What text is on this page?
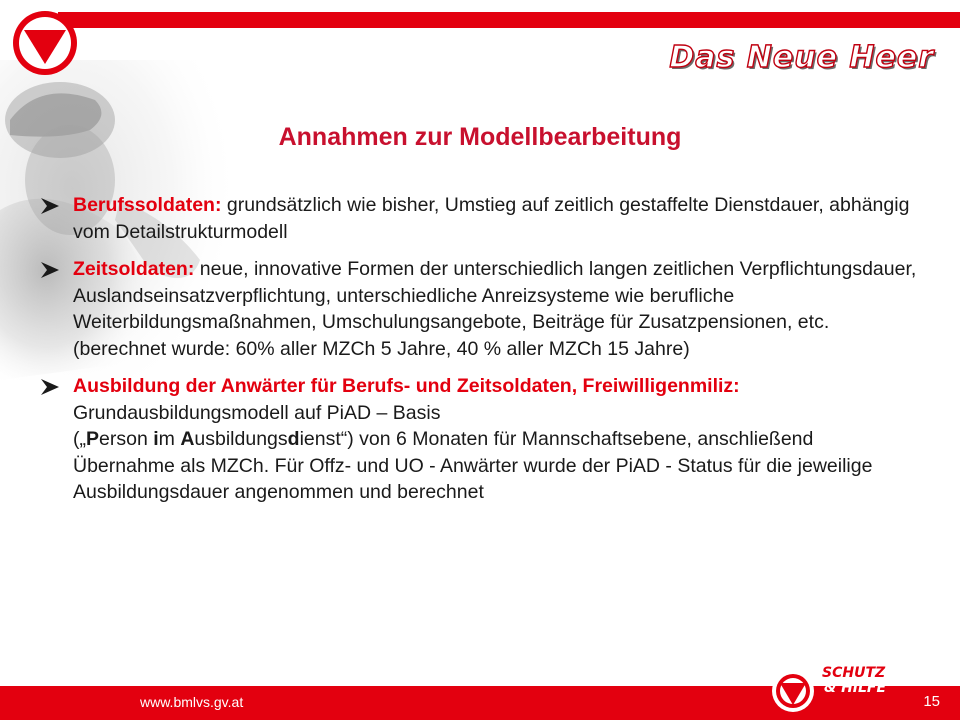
Das Neue Heer
Annahmen zur Modellbearbeitung
Berufssoldaten: grundsätzlich wie bisher, Umstieg auf zeitlich gestaffelte Dienstdauer, abhängig vom Detailstrukturmodell
Zeitsoldaten: neue, innovative Formen der unterschiedlich langen zeitlichen Verpflichtungsdauer, Auslandseinsatzverpflichtung, unterschiedliche Anreizsysteme wie berufliche Weiterbildungsmaßnahmen, Umschulungsangebote, Beiträge für Zusatzpensionen, etc. (berechnet wurde: 60% aller MZCh 5 Jahre, 40 % aller MZCh 15 Jahre)
Ausbildung der Anwärter für Berufs- und Zeitsoldaten, Freiwilligenmiliz:
Grundausbildungsmodell auf PiAD – Basis
(„Person im Ausbildungsdienst“) von 6 Monaten für Mannschaftsebene, anschließend Übernahme als MZCh. Für Offz- und UO - Anwärter wurde der PiAD - Status für die jeweilige Ausbildungsdauer angenommen und berechnet
www.bmlvs.gv.at
SCHUTZ
& HILFE
15
